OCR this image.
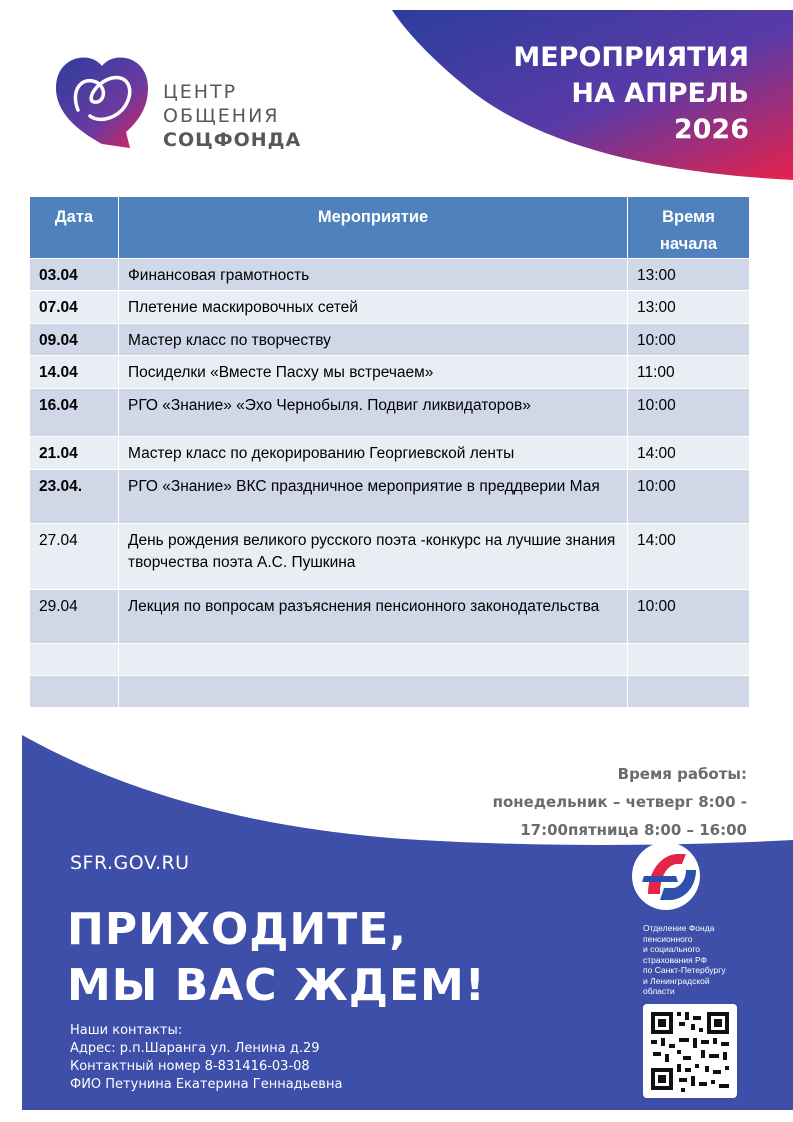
МЕРОПРИЯТИЯ
НА АПРЕЛЬ
2026
ЦЕНТР
ОБЩЕНИЯ
СОЦФОНДА
Дата	Мероприятие	Время начала
03.04	Финансовая грамотность	13:00
07.04	Плетение маскировочных сетей	13:00
09.04	Мастер класс по творчеству	10:00
14.04	Посиделки «Вместе Пасху мы встречаем»	11:00
16.04	РГО «Знание» «Эхо Чернобыля. Подвиг ликвидаторов»	10:00
21.04	Мастер класс по декорированию Георгиевской ленты	14:00
23.04.	РГО «Знание» ВКС праздничное мероприятие в преддверии Мая	10:00
27.04	День рождения великого русского поэта -конкурс на лучшие знания творчества поэта А.С. Пушкина	14:00
29.04	Лекция по вопросам разъяснения пенсионного законодательства	10:00

Время работы:
понедельник – четверг 8:00 -
17:00пятница 8:00 – 16:00
SFR.GOV.RU
ПРИХОДИТЕ,
МЫ ВАС ЖДЕМ!
Наши контакты:
Адрес: р.п.Шаранга ул. Ленина д.29
Контактный номер 8-831416-03-08
ФИО Петунина Екатерина Геннадьевна
Отделение Фонда
пенсионного
и социального
страхования РФ
по Санкт-Петербургу
и Ленинградской
области
